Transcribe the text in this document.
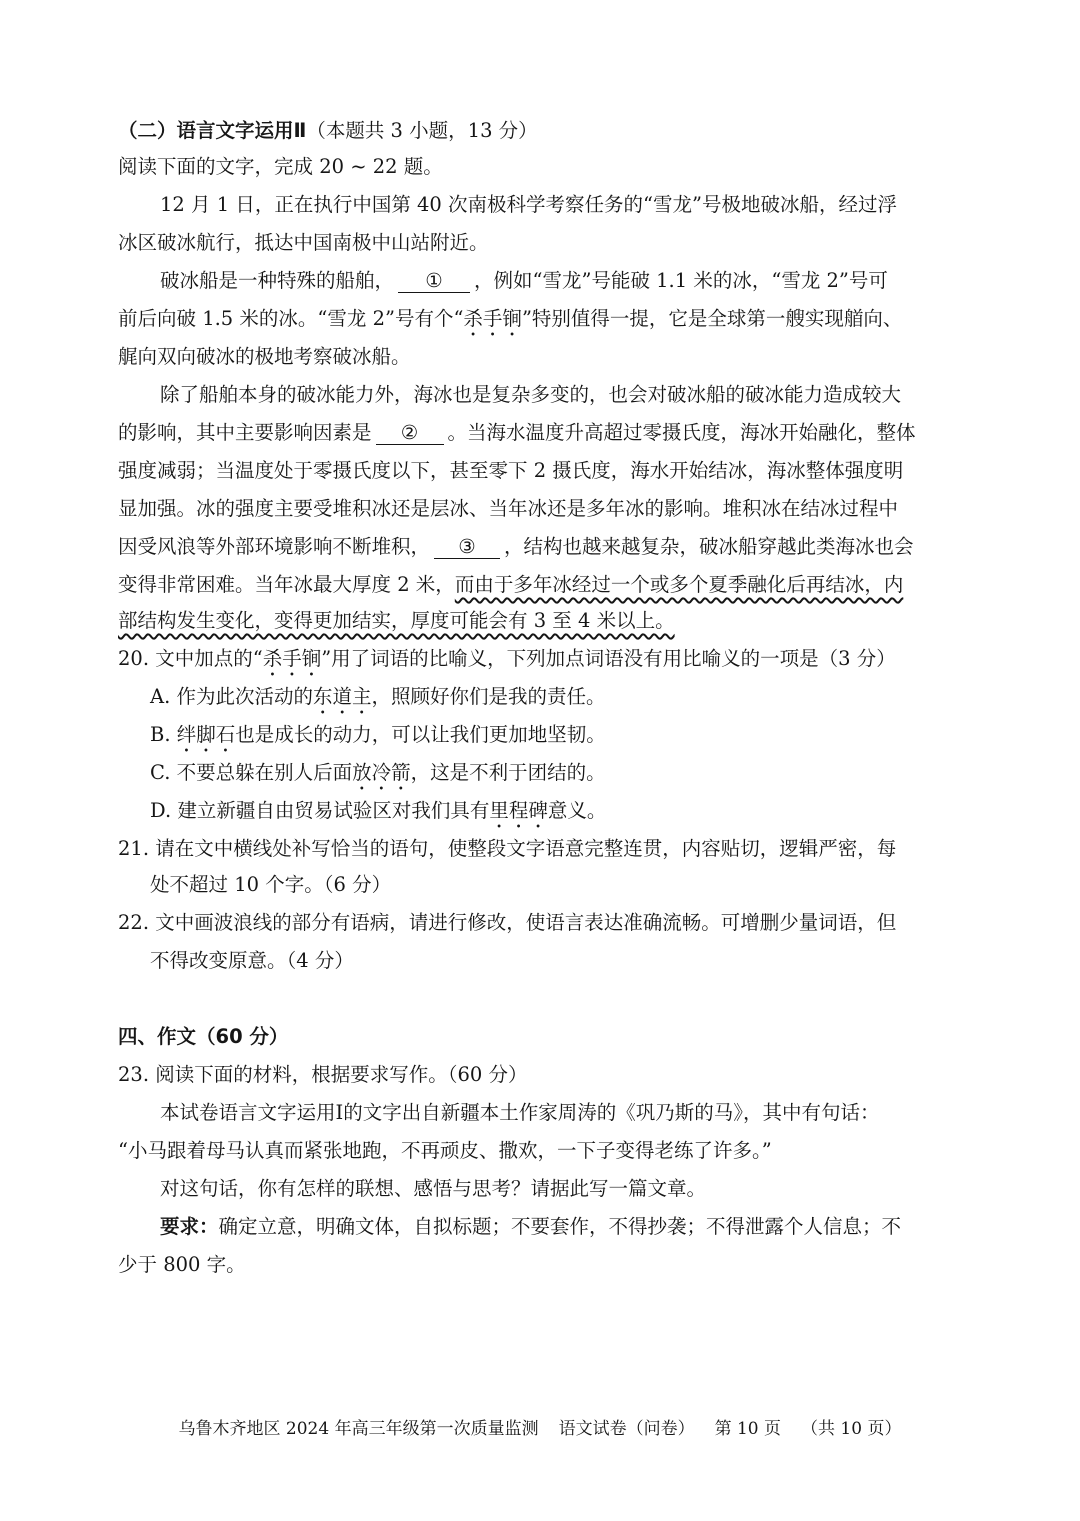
（二）语言文字运用Ⅱ（本题共 3 小题，13 分）
阅读下面的文字，完成 20 ~ 22 题。
12 月 1 日，正在执行中国第 40 次南极科学考察任务的“雪龙”号极地破冰船，经过浮
冰区破冰航行，抵达中国南极中山站附近。
破冰船是一种特殊的船舶， ① ，例如“雪龙”号能破 1.1 米的冰，“雪龙 2”号可
前后向破 1.5 米的冰。“雪龙 2”号有个“杀手锏”特别值得一提，它是全球第一艘实现艏向、
艉向双向破冰的极地考察破冰船。
除了船舶本身的破冰能力外，海冰也是复杂多变的，也会对破冰船的破冰能力造成较大
的影响，其中主要影响因素是 ② 。当海水温度升高超过零摄氏度，海冰开始融化，整体
强度减弱；当温度处于零摄氏度以下，甚至零下 2 摄氏度，海水开始结冰，海冰整体强度明
显加强。冰的强度主要受堆积冰还是层冰、当年冰还是多年冰的影响。堆积冰在结冰过程中
因受风浪等外部环境影响不断堆积， ③ ，结构也越来越复杂，破冰船穿越此类海冰也会
变得非常困难。当年冰最大厚度 2 米，而由于多年冰经过一个或多个夏季融化后再结冰，内
部结构发生变化，变得更加结实，厚度可能会有 3 至 4 米以上。
20. 文中加点的“杀手锏”用了词语的比喻义，下列加点词语没有用比喻义的一项是（3 分）
A. 作为此次活动的东道主，照顾好你们是我的责任。
B. 绊脚石也是成长的动力，可以让我们更加地坚韧。
C. 不要总躲在别人后面放冷箭，这是不利于团结的。
D. 建立新疆自由贸易试验区对我们具有里程碑意义。
21. 请在文中横线处补写恰当的语句，使整段文字语意完整连贯，内容贴切，逻辑严密，每
处不超过 10 个字。（6 分）
22. 文中画波浪线的部分有语病，请进行修改，使语言表达准确流畅。可增删少量词语，但
不得改变原意。（4 分）
四、作文（60 分）
23. 阅读下面的材料，根据要求写作。（60 分）
本试卷语言文字运用Ⅰ的文字出自新疆本土作家周涛的《巩乃斯的马》，其中有句话：
“小马跟着母马认真而紧张地跑，不再顽皮、撒欢，一下子变得老练了许多。”
对这句话，你有怎样的联想、感悟与思考？请据此写一篇文章。
要求：确定立意，明确文体，自拟标题；不要套作，不得抄袭；不得泄露个人信息；不
少于 800 字。
乌鲁木齐地区 2024 年高三年级第一次质量监测 语文试卷（问卷） 第 10 页 （共 10 页）
